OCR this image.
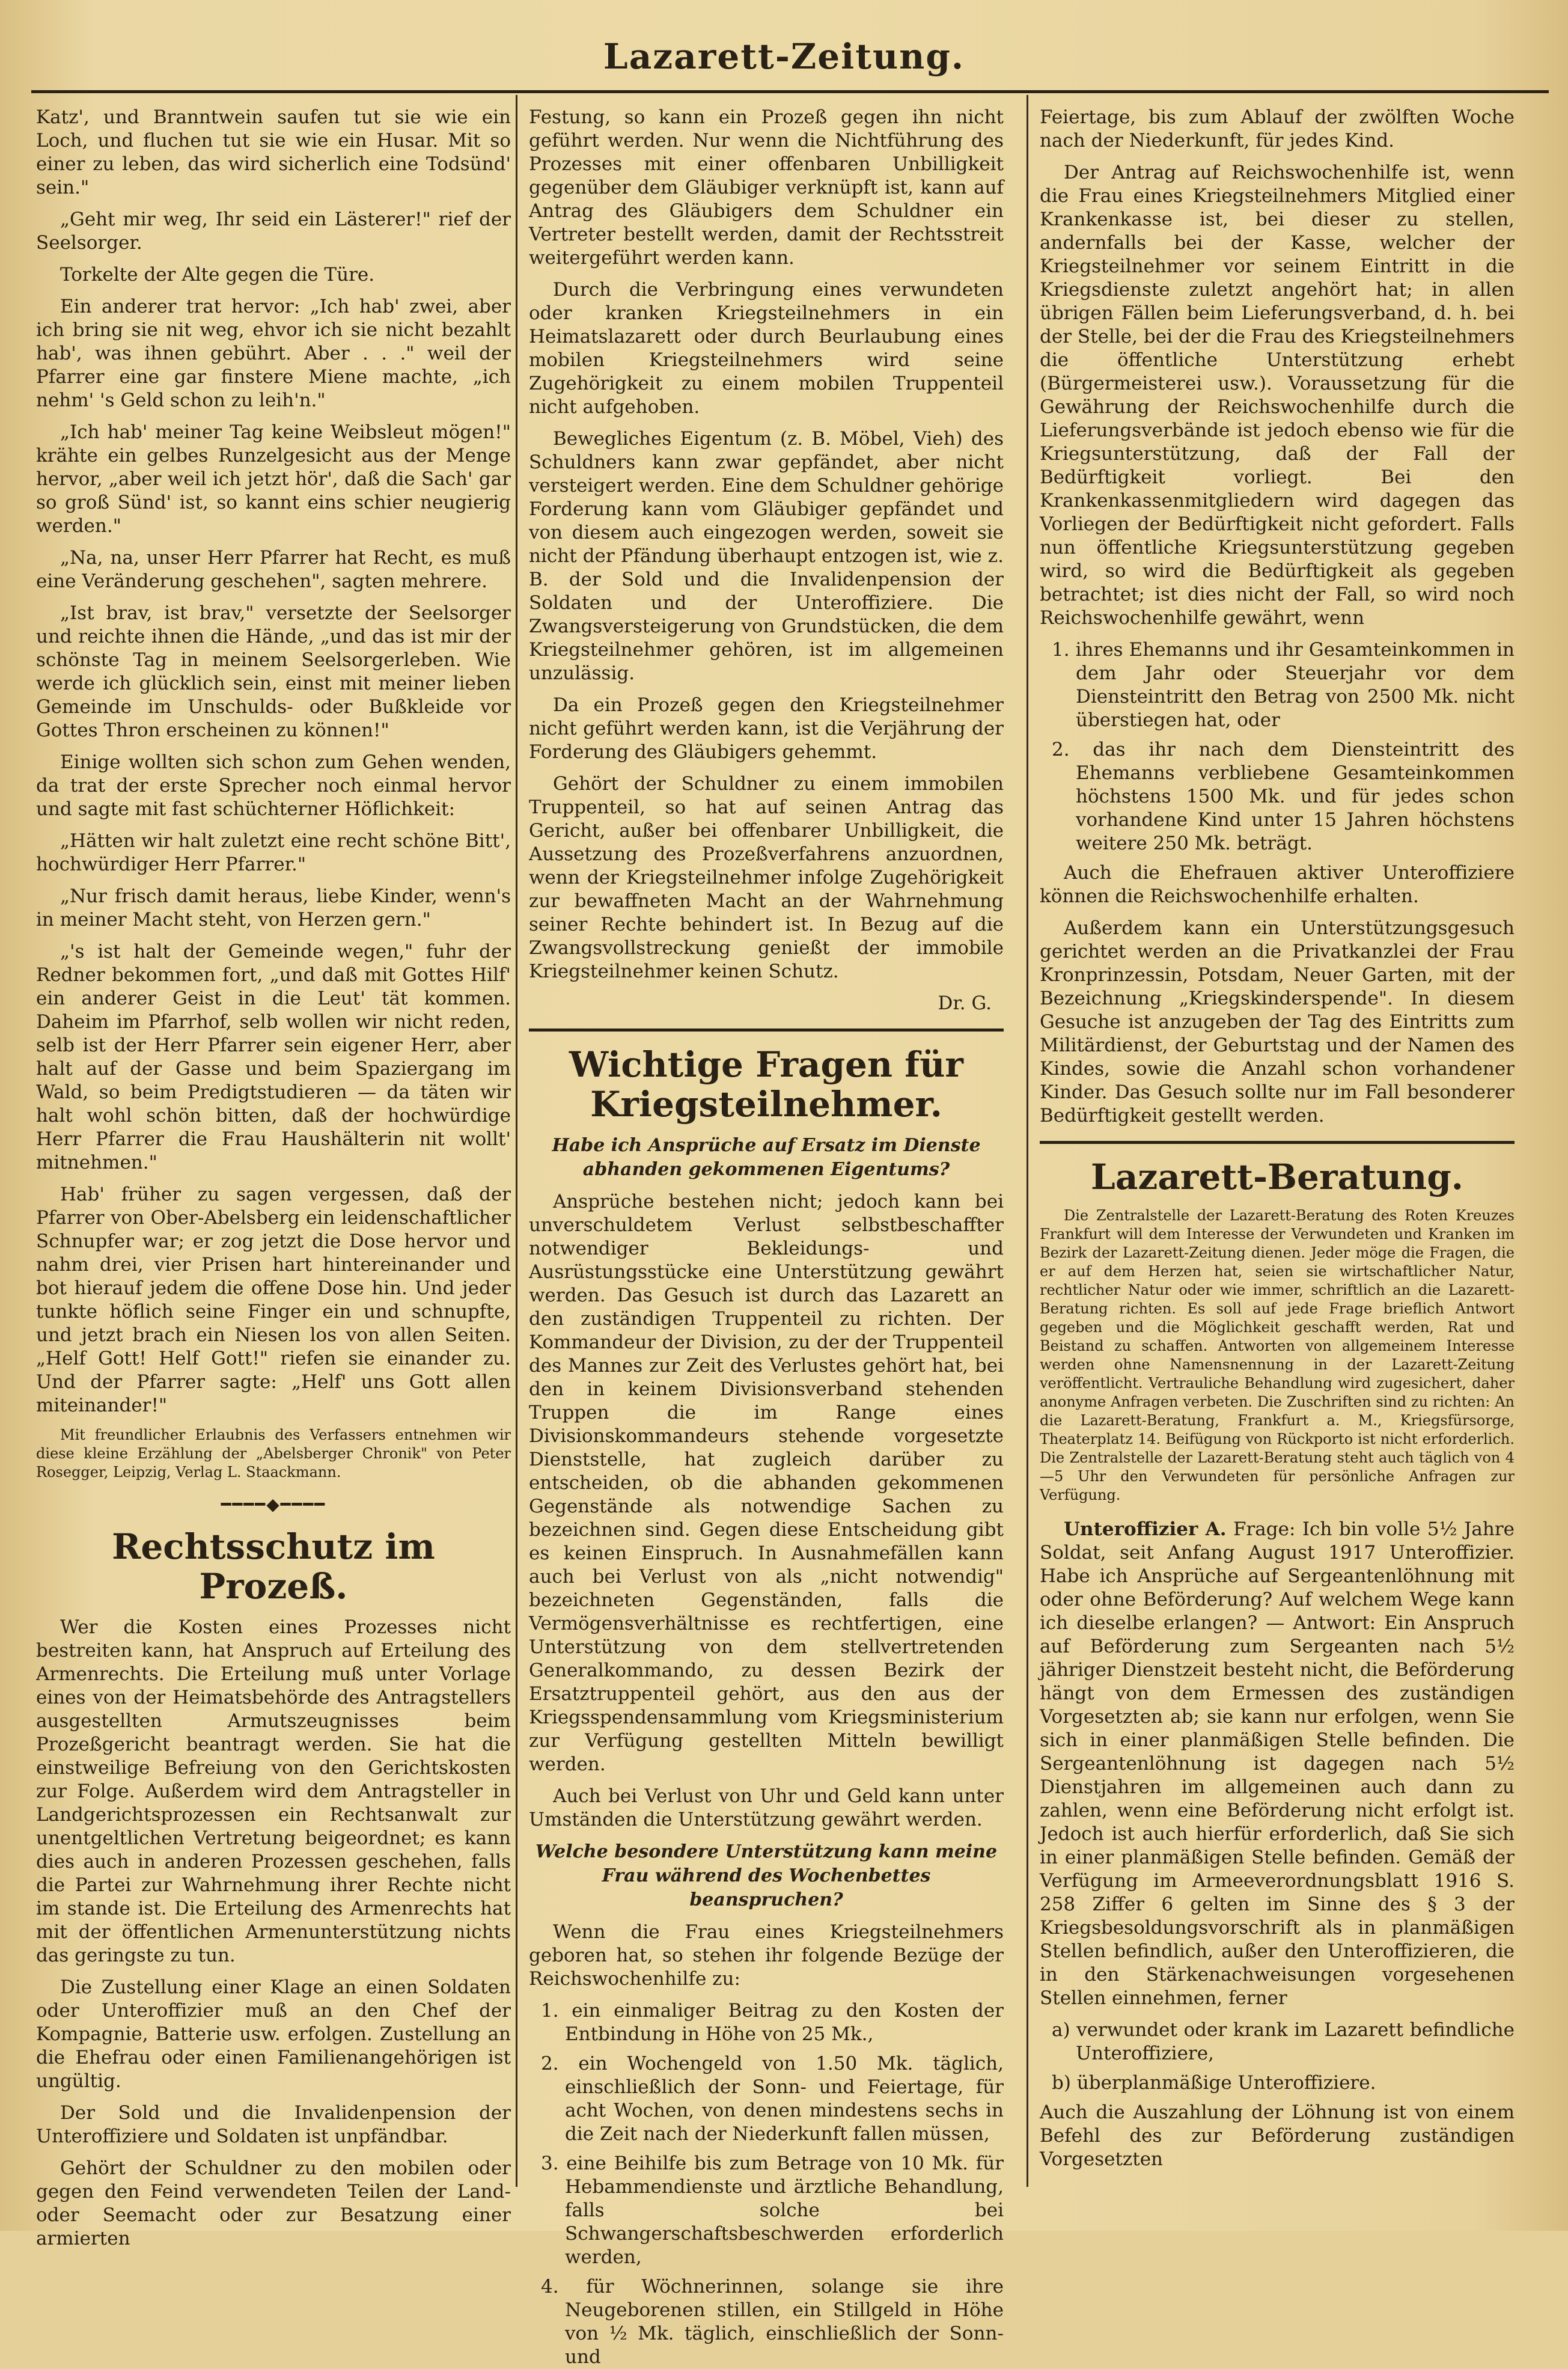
Lazarett-Zeitung.

Katz', und Branntwein saufen tut sie wie ein Loch, und fluchen tut sie wie ein Husar. Mit so einer zu leben, das wird sicherlich eine Todsünd' sein."

„Geht mir weg, Ihr seid ein Lästerer!" rief der Seelsorger.

Torkelte der Alte gegen die Türe.

Ein anderer trat hervor: „Ich hab' zwei, aber ich bring sie nit weg, ehvor ich sie nicht bezahlt hab', was ihnen gebührt. Aber . . ." weil der Pfarrer eine gar finstere Miene machte, „ich nehm' 's Geld schon zu leih'n."

„Ich hab' meiner Tag keine Weibsleut mögen!" krähte ein gelbes Runzelgesicht aus der Menge hervor, „aber weil ich jetzt hör', daß die Sach' gar so groß Sünd' ist, so kannt eins schier neugierig werden."

„Na, na, unser Herr Pfarrer hat Recht, es muß eine Veränderung geschehen", sagten mehrere.

„Ist brav, ist brav," versetzte der Seelsorger und reichte ihnen die Hände, „und das ist mir der schönste Tag in meinem Seelsorgerleben. Wie werde ich glücklich sein, einst mit meiner lieben Gemeinde im Unschulds- oder Bußkleide vor Gottes Thron erscheinen zu können!"

Einige wollten sich schon zum Gehen wenden, da trat der erste Sprecher noch einmal hervor und sagte mit fast schüchterner Höflichkeit:

„Hätten wir halt zuletzt eine recht schöne Bitt', hochwürdiger Herr Pfarrer."

„Nur frisch damit heraus, liebe Kinder, wenn's in meiner Macht steht, von Herzen gern."

„'s ist halt der Gemeinde wegen," fuhr der Redner bekommen fort, „und daß mit Gottes Hilf' ein anderer Geist in die Leut' tät kommen. Daheim im Pfarrhof, selb wollen wir nicht reden, selb ist der Herr Pfarrer sein eigener Herr, aber halt auf der Gasse und beim Spaziergang im Wald, so beim Predigtstudieren — da täten wir halt wohl schön bitten, daß der hochwürdige Herr Pfarrer die Frau Haushälterin nit wollt' mitnehmen."

Hab' früher zu sagen vergessen, daß der Pfarrer von Ober-Abelsberg ein leidenschaftlicher Schnupfer war; er zog jetzt die Dose hervor und nahm drei, vier Prisen hart hintereinander und bot hierauf jedem die offene Dose hin. Und jeder tunkte höflich seine Finger ein und schnupfte, und jetzt brach ein Niesen los von allen Seiten. „Helf Gott! Helf Gott!" riefen sie einander zu. Und der Pfarrer sagte: „Helf' uns Gott allen miteinander!"

Mit freundlicher Erlaubnis des Verfassers entnehmen wir diese kleine Erzählung der „Abelsberger Chronik" von Peter Rosegger, Leipzig, Verlag L. Staackmann.

━━━━◆━━━━
Rechtsschutz im Prozeß.

Wer die Kosten eines Prozesses nicht bestreiten kann, hat Anspruch auf Erteilung des Armenrechts. Die Erteilung muß unter Vorlage eines von der Heimatsbehörde des Antragstellers ausgestellten Armutszeugnisses beim Prozeßgericht beantragt werden. Sie hat die einstweilige Befreiung von den Gerichtskosten zur Folge. Außerdem wird dem Antragsteller in Landgerichtsprozessen ein Rechtsanwalt zur unentgeltlichen Vertretung beigeordnet; es kann dies auch in anderen Prozessen geschehen, falls die Partei zur Wahrnehmung ihrer Rechte nicht im stande ist. Die Erteilung des Armenrechts hat mit der öffentlichen Armenunterstützung nichts das geringste zu tun.

Die Zustellung einer Klage an einen Soldaten oder Unteroffizier muß an den Chef der Kompagnie, Batterie usw. erfolgen. Zustellung an die Ehefrau oder einen Familienangehörigen ist ungültig.

Der Sold und die Invalidenpension der Unteroffiziere und Soldaten ist unpfändbar.

Gehört der Schuldner zu den mobilen oder gegen den Feind verwendeten Teilen der Land- oder Seemacht oder zur Besatzung einer armierten

Festung, so kann ein Prozeß gegen ihn nicht geführt werden. Nur wenn die Nichtführung des Prozesses mit einer offenbaren Unbilligkeit gegenüber dem Gläubiger verknüpft ist, kann auf Antrag des Gläubigers dem Schuldner ein Vertreter bestellt werden, damit der Rechtsstreit weitergeführt werden kann.

Durch die Verbringung eines verwundeten oder kranken Kriegsteilnehmers in ein Heimatslazarett oder durch Beurlaubung eines mobilen Kriegsteilnehmers wird seine Zugehörigkeit zu einem mobilen Truppenteil nicht aufgehoben.

Bewegliches Eigentum (z. B. Möbel, Vieh) des Schuldners kann zwar gepfändet, aber nicht versteigert werden. Eine dem Schuldner gehörige Forderung kann vom Gläubiger gepfändet und von diesem auch eingezogen werden, soweit sie nicht der Pfändung überhaupt entzogen ist, wie z. B. der Sold und die Invalidenpension der Soldaten und der Unteroffiziere. Die Zwangsversteigerung von Grundstücken, die dem Kriegsteilnehmer gehören, ist im allgemeinen unzulässig.

Da ein Prozeß gegen den Kriegsteilnehmer nicht geführt werden kann, ist die Verjährung der Forderung des Gläubigers gehemmt.

Gehört der Schuldner zu einem immobilen Truppenteil, so hat auf seinen Antrag das Gericht, außer bei offenbarer Unbilligkeit, die Aussetzung des Prozeßverfahrens anzuordnen, wenn der Kriegsteilnehmer infolge Zugehörigkeit zur bewaffneten Macht an der Wahrnehmung seiner Rechte behindert ist. In Bezug auf die Zwangsvollstreckung genießt der immobile Kriegsteilnehmer keinen Schutz.

Dr. G.
Wichtige Fragen für Kriegsteilnehmer.
Habe ich Ansprüche auf Ersatz im Dienste abhanden gekommenen Eigentums?

Ansprüche bestehen nicht; jedoch kann bei unverschuldetem Verlust selbstbeschaffter notwendiger Bekleidungs- und Ausrüstungsstücke eine Unterstützung gewährt werden. Das Gesuch ist durch das Lazarett an den zuständigen Truppenteil zu richten. Der Kommandeur der Division, zu der der Truppenteil des Mannes zur Zeit des Verlustes gehört hat, bei den in keinem Divisionsverband stehenden Truppen die im Range eines Divisionskommandeurs stehende vorgesetzte Dienststelle, hat zugleich darüber zu entscheiden, ob die abhanden gekommenen Gegenstände als notwendige Sachen zu bezeichnen sind. Gegen diese Entscheidung gibt es keinen Einspruch. In Ausnahmefällen kann auch bei Verlust von als „nicht notwendig" bezeichneten Gegenständen, falls die Vermögensverhältnisse es rechtfertigen, eine Unterstützung von dem stellvertretenden Generalkommando, zu dessen Bezirk der Ersatztruppenteil gehört, aus den aus der Kriegsspendensammlung vom Kriegsministerium zur Verfügung gestellten Mitteln bewilligt werden.

Auch bei Verlust von Uhr und Geld kann unter Umständen die Unterstützung gewährt werden.

Welche besondere Unterstützung kann meine Frau während des Wochenbettes beanspruchen?

Wenn die Frau eines Kriegsteilnehmers geboren hat, so stehen ihr folgende Bezüge der Reichswochenhilfe zu:

1. ein einmaliger Beitrag zu den Kosten der Entbindung in Höhe von 25 Mk.,

2. ein Wochengeld von 1.50 Mk. täglich, einschließlich der Sonn- und Feiertage, für acht Wochen, von denen mindestens sechs in die Zeit nach der Niederkunft fallen müssen,

3. eine Beihilfe bis zum Betrage von 10 Mk. für Hebammendienste und ärztliche Behandlung, falls solche bei Schwangerschaftsbeschwerden erforderlich werden,

4. für Wöchnerinnen, solange sie ihre Neugeborenen stillen, ein Stillgeld in Höhe von ½ Mk. täglich, einschließlich der Sonn- und

Feiertage, bis zum Ablauf der zwölften Woche nach der Niederkunft, für jedes Kind.

Der Antrag auf Reichswochenhilfe ist, wenn die Frau eines Kriegsteilnehmers Mitglied einer Krankenkasse ist, bei dieser zu stellen, andernfalls bei der Kasse, welcher der Kriegsteilnehmer vor seinem Eintritt in die Kriegsdienste zuletzt angehört hat; in allen übrigen Fällen beim Lieferungsverband, d. h. bei der Stelle, bei der die Frau des Kriegsteilnehmers die öffentliche Unterstützung erhebt (Bürgermeisterei usw.). Voraussetzung für die Gewährung der Reichswochenhilfe durch die Lieferungsverbände ist jedoch ebenso wie für die Kriegsunterstützung, daß der Fall der Bedürftigkeit vorliegt. Bei den Krankenkassenmitgliedern wird dagegen das Vorliegen der Bedürftigkeit nicht gefordert. Falls nun öffentliche Kriegsunterstützung gegeben wird, so wird die Bedürftigkeit als gegeben betrachtet; ist dies nicht der Fall, so wird noch Reichswochenhilfe gewährt, wenn

1. ihres Ehemanns und ihr Gesamteinkommen in dem Jahr oder Steuerjahr vor dem Diensteintritt den Betrag von 2500 Mk. nicht überstiegen hat, oder

2. das ihr nach dem Diensteintritt des Ehemanns verbliebene Gesamteinkommen höchstens 1500 Mk. und für jedes schon vorhandene Kind unter 15 Jahren höchstens weitere 250 Mk. beträgt.

Auch die Ehefrauen aktiver Unteroffiziere können die Reichswochenhilfe erhalten.

Außerdem kann ein Unterstützungsgesuch gerichtet werden an die Privatkanzlei der Frau Kronprinzessin, Potsdam, Neuer Garten, mit der Bezeichnung „Kriegskinderspende". In diesem Gesuche ist anzugeben der Tag des Eintritts zum Militärdienst, der Geburtstag und der Namen des Kindes, sowie die Anzahl schon vorhandener Kinder. Das Gesuch sollte nur im Fall besonderer Bedürftigkeit gestellt werden.

Lazarett-Beratung.

Die Zentralstelle der Lazarett-Beratung des Roten Kreuzes Frankfurt will dem Interesse der Verwundeten und Kranken im Bezirk der Lazarett-Zeitung dienen. Jeder möge die Fragen, die er auf dem Herzen hat, seien sie wirtschaftlicher Natur, rechtlicher Natur oder wie immer, schriftlich an die Lazarett-Beratung richten. Es soll auf jede Frage brieflich Antwort gegeben und die Möglichkeit geschafft werden, Rat und Beistand zu schaffen. Antworten von allgemeinem Interesse werden ohne Namensnennung in der Lazarett-Zeitung veröffentlicht. Vertrauliche Behandlung wird zugesichert, daher anonyme Anfragen verbeten. Die Zuschriften sind zu richten: An die Lazarett-Beratung, Frankfurt a. M., Kriegsfürsorge, Theaterplatz 14. Beifügung von Rückporto ist nicht erforderlich. Die Zentralstelle der Lazarett-Beratung steht auch täglich von 4—5 Uhr den Verwundeten für persönliche Anfragen zur Verfügung.

Unteroffizier A. Frage: Ich bin volle 5½ Jahre Soldat, seit Anfang August 1917 Unteroffizier. Habe ich Ansprüche auf Sergeantenlöhnung mit oder ohne Beförderung? Auf welchem Wege kann ich dieselbe erlangen? — Antwort: Ein Anspruch auf Beförderung zum Sergeanten nach 5½ jähriger Dienstzeit besteht nicht, die Beförderung hängt von dem Ermessen des zuständigen Vorgesetzten ab; sie kann nur erfolgen, wenn Sie sich in einer planmäßigen Stelle befinden. Die Sergeantenlöhnung ist dagegen nach 5½ Dienstjahren im allgemeinen auch dann zu zahlen, wenn eine Beförderung nicht erfolgt ist. Jedoch ist auch hierfür erforderlich, daß Sie sich in einer planmäßigen Stelle befinden. Gemäß der Verfügung im Armeeverordnungsblatt 1916 S. 258 Ziffer 6 gelten im Sinne des § 3 der Kriegsbesoldungsvorschrift als in planmäßigen Stellen befindlich, außer den Unteroffizieren, die in den Stärkenachweisungen vorgesehenen Stellen einnehmen, ferner

a) verwundet oder krank im Lazarett befindliche Unteroffiziere,

b) überplanmäßige Unteroffiziere.

Auch die Auszahlung der Löhnung ist von einem Befehl des zur Beförderung zuständigen Vorgesetzten
